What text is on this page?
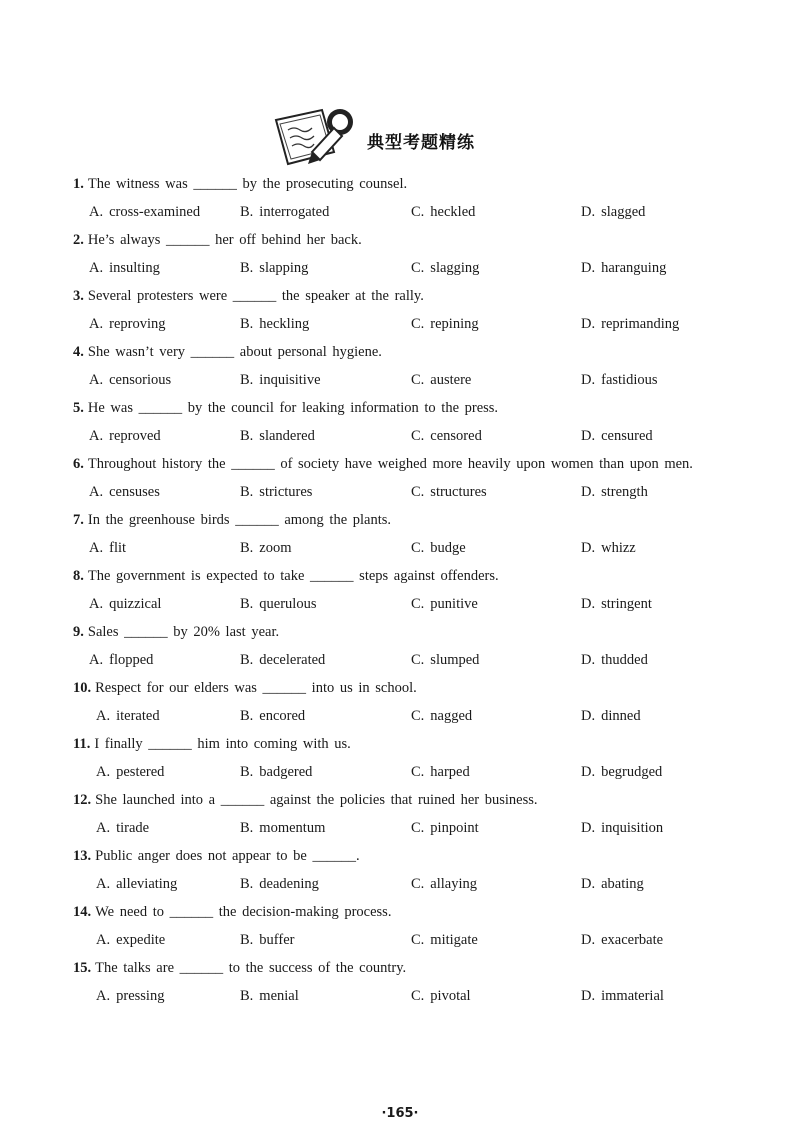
典型考题精练
1. The witness was ______ by the prosecuting counsel.
A. cross-examined	B. interrogated	C. heckled	D. slagged
2. He’s always ______ her off behind her back.
A. insulting	B. slapping	C. slagging	D. haranguing
3. Several protesters were ______ the speaker at the rally.
A. reproving	B. heckling	C. repining	D. reprimanding
4. She wasn’t very ______ about personal hygiene.
A. censorious	B. inquisitive	C. austere	D. fastidious
5. He was ______ by the council for leaking information to the press.
A. reproved	B. slandered	C. censored	D. censured
6. Throughout history the ______ of society have weighed more heavily upon women than upon men.
A. censuses	B. strictures	C. structures	D. strength
7. In the greenhouse birds ______ among the plants.
A. flit	B. zoom	C. budge	D. whizz
8. The government is expected to take ______ steps against offenders.
A. quizzical	B. querulous	C. punitive	D. stringent
9. Sales ______ by 20% last year.
A. flopped	B. decelerated	C. slumped	D. thudded
10. Respect for our elders was ______ into us in school.
A. iterated	B. encored	C. nagged	D. dinned
11. I finally ______ him into coming with us.
A. pestered	B. badgered	C. harped	D. begrudged
12. She launched into a ______ against the policies that ruined her business.
A. tirade	B. momentum	C. pinpoint	D. inquisition
13. Public anger does not appear to be ______.
A. alleviating	B. deadening	C. allaying	D. abating
14. We need to ______ the decision-making process.
A. expedite	B. buffer	C. mitigate	D. exacerbate
15. The talks are ______ to the success of the country.
A. pressing	B. menial	C. pivotal	D. immaterial
·165·
